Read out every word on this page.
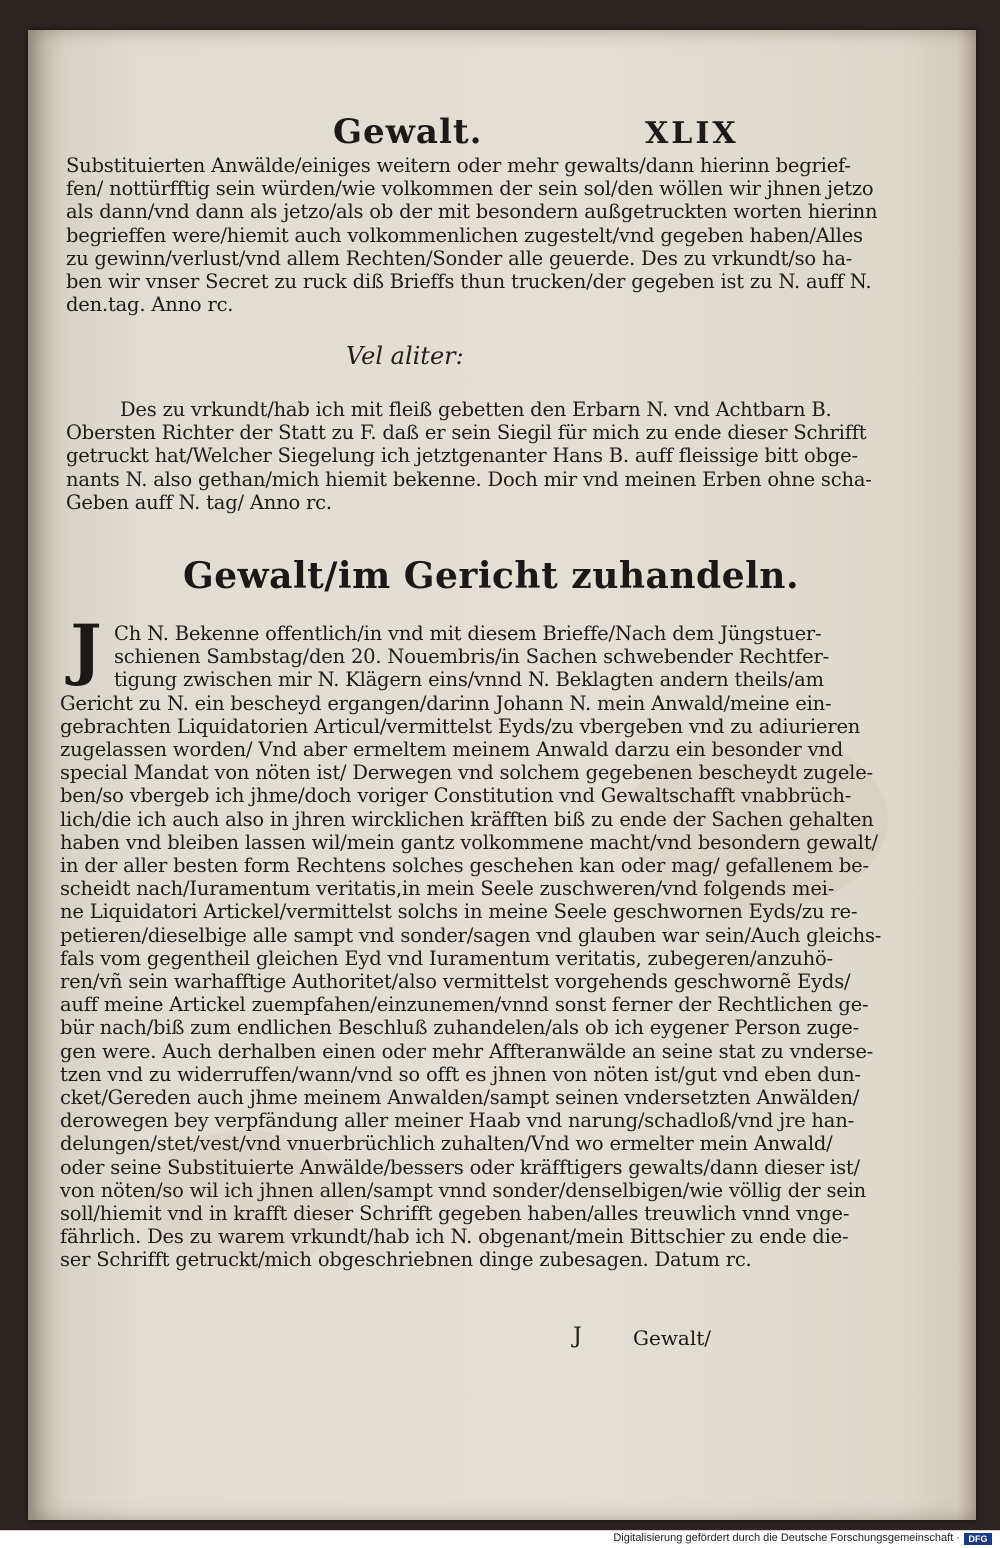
Gewalt.	XLIX
Substituierten Anwälde/einiges weitern oder mehr gewalts/dann hierinn begrief-
fen/ nottürfftig sein würden/wie volkommen der sein sol/den wöllen wir jhnen jetzo
als dann/vnd dann als jetzo/als ob der mit besondern außgetruckten worten hierinn
begrieffen were/hiemit auch volkommenlichen zugestelt/vnd gegeben haben/Alles
zu gewinn/verlust/vnd allem Rechten/Sonder alle geuerde. Des zu vrkundt/so ha-
ben wir vnser Secret zu ruck diß Brieffs thun trucken/der gegeben ist zu N. auff N.
den.tag. Anno rc.
Vel aliter:
Des zu vrkundt/hab ich mit fleiß gebetten den Erbarn N. vnd Achtbarn B.
Obersten Richter der Statt zu F. daß er sein Siegil für mich zu ende dieser Schrifft
getruckt hat/Welcher Siegelung ich jetztgenanter Hans B. auff fleissige bitt obge-
nants N. also gethan/mich hiemit bekenne. Doch mir vnd meinen Erben ohne scha-
Geben auff N. tag/ Anno rc.
Gewalt/im Gericht zuhandeln.
J Ch N. Bekenne offentlich/in vnd mit diesem Brieffe/Nach dem Jüngstuer-
schienen Sambstag/den 20. Nouembris/in Sachen schwebender Rechtfer-
tigung zwischen mir N. Klägern eins/vnnd N. Beklagten andern theils/am
Gericht zu N. ein bescheyd ergangen/darinn Johann N. mein Anwald/meine ein-
gebrachten Liquidatorien Articul/vermittelst Eyds/zu vbergeben vnd zu adiurieren
zugelassen worden/ Vnd aber ermeltem meinem Anwald darzu ein besonder vnd
special Mandat von nöten ist/ Derwegen vnd solchem gegebenen bescheydt zugele-
ben/so vbergeb ich jhme/doch voriger Constitution vnd Gewaltschafft vnabbrüch-
lich/die ich auch also in jhren wircklichen kräfften biß zu ende der Sachen gehalten
haben vnd bleiben lassen wil/mein gantz volkommene macht/vnd besondern gewalt/
in der aller besten form Rechtens solches geschehen kan oder mag/ gefallenem be-
scheidt nach/Iuramentum veritatis,in mein Seele zuschweren/vnd folgends mei-
ne Liquidatori Artickel/vermittelst solchs in meine Seele geschwornen Eyds/zu re-
petieren/dieselbige alle sampt vnd sonder/sagen vnd glauben war sein/Auch gleichs-
fals vom gegentheil gleichen Eyd vnd Iuramentum veritatis, zubegeren/anzuhö-
ren/vñ sein warhafftige Authoritet/also vermittelst vorgehends geschwornẽ Eyds/
auff meine Artickel zuempfahen/einzunemen/vnnd sonst ferner der Rechtlichen ge-
bür nach/biß zum endlichen Beschluß zuhandelen/als ob ich eygener Person zuge-
gen were. Auch derhalben einen oder mehr Affteranwälde an seine stat zu vnderse-
tzen vnd zu widerruffen/wann/vnd so offt es jhnen von nöten ist/gut vnd eben dun-
cket/Gereden auch jhme meinem Anwalden/sampt seinen vndersetzten Anwälden/
derowegen bey verpfändung aller meiner Haab vnd narung/schadloß/vnd jre han-
delungen/stet/vest/vnd vnuerbrüchlich zuhalten/Vnd wo ermelter mein Anwald/
oder seine Substituierte Anwälde/bessers oder kräfftigers gewalts/dann dieser ist/
von nöten/so wil ich jhnen allen/sampt vnnd sonder/denselbigen/wie völlig der sein
soll/hiemit vnd in krafft dieser Schrifft gegeben haben/alles treuwlich vnnd vnge-
fährlich. Des zu warem vrkundt/hab ich N. obgenant/mein Bittschier zu ende die-
ser Schrifft getruckt/mich obgeschriebnen dinge zubesagen. Datum rc.
J	Gewalt/
Digitalisierung gefördert durch die Deutsche Forschungsgemeinschaft · DFG
